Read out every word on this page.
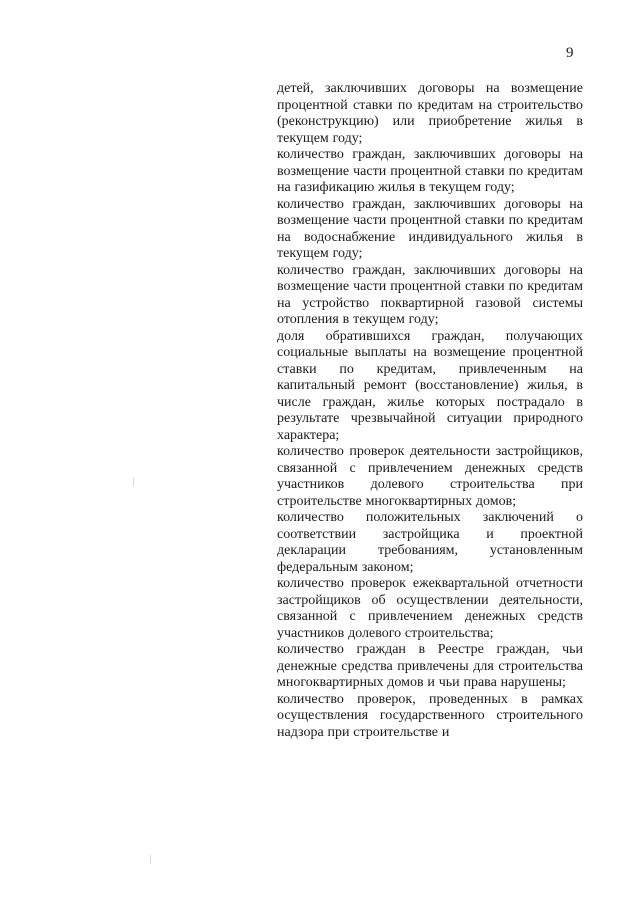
9

детей, заключивших договоры на возмещение процентной ставки по кредитам на строительство (реконструкцию) или приобретение жилья в текущем году;

количество граждан, заключивших договоры на возмещение части процентной ставки по кредитам на газификацию жилья в текущем году;

количество граждан, заключивших договоры на возмещение части процентной ставки по кредитам на водоснабжение индивидуального жилья в текущем году;

количество граждан, заключивших договоры на возмещение части процентной ставки по кредитам на устройство поквартирной газовой системы отопления в текущем году;

доля обратившихся граждан, получающих социальные выплаты на возмещение процентной ставки по кредитам, привлеченным на капитальный ремонт (восстановление) жилья, в числе граждан, жилье которых пострадало в результате чрезвычайной ситуации природного характера;

количество проверок деятельности застройщиков, связанной с привлечением денежных средств участников долевого строительства при строительстве многоквартирных домов;

количество положительных заключений о соответствии застройщика и проектной декларации требованиям, установленным федеральным законом;

количество проверок ежеквартальной отчетности застройщиков об осуществлении деятельности, связанной с привлечением денежных средств участников долевого строительства;

количество граждан в Реестре граждан, чьи денежные средства привлечены для строительства многоквартирных домов и чьи права нарушены;

количество проверок, проведенных в рамках осуществления государственного строительного надзора при строительстве и
